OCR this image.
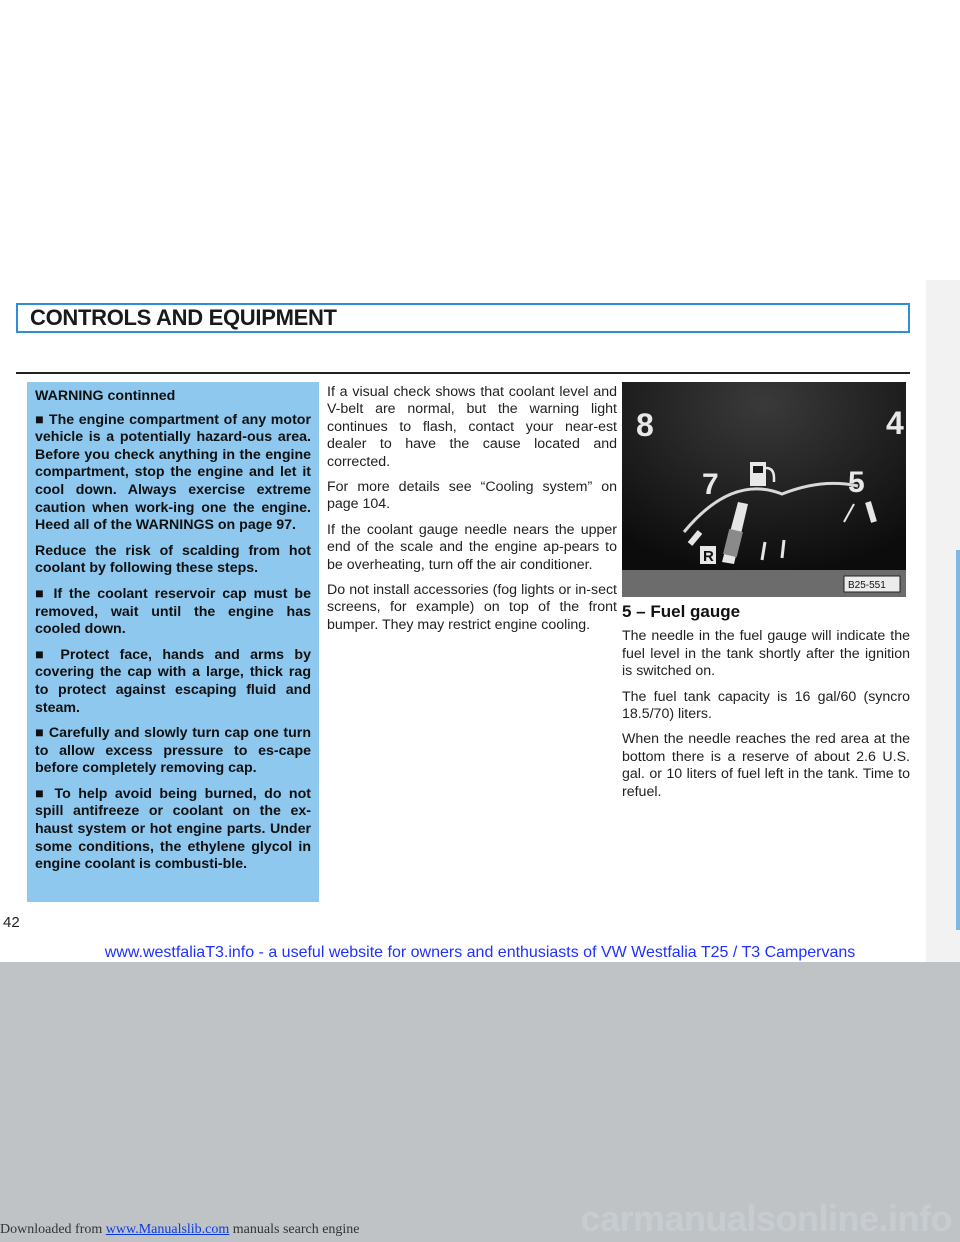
CONTROLS AND EQUIPMENT

WARNING continned

■ The engine compartment of any motor vehicle is a potentially hazard-ous area. Before you check anything in the engine compartment, stop the engine and let it cool down. Always exercise extreme caution when work-ing one the engine. Heed all of the WARNINGS on page 97.

Reduce the risk of scalding from hot coolant by following these steps.

■ If the coolant reservoir cap must be removed, wait until the engine has cooled down.

■ Protect face, hands and arms by covering the cap with a large, thick rag to protect against escaping fluid and steam.

■ Carefully and slowly turn cap one turn to allow excess pressure to es-cape before completely removing cap.

■ To help avoid being burned, do not spill antifreeze or coolant on the ex-haust system or hot engine parts. Under some conditions, the ethylene glycol in engine coolant is combusti-ble.

If a visual check shows that coolant level and V-belt are normal, but the warning light continues to flash, contact your near-est dealer to have the cause located and corrected.

For more details see “Cooling system” on page 104.

If the coolant gauge needle nears the upper end of the scale and the engine ap-pears to be overheating, turn off the air conditioner.

Do not install accessories (fog lights or in-sect screens, for example) on top of the front bumper. They may restrict engine cooling.

8	4
7	5
R
B25-551
5 – Fuel gauge

The needle in the fuel gauge will indicate the fuel level in the tank shortly after the ignition is switched on.

The fuel tank capacity is 16 gal/60 (syncro 18.5/70) liters.

When the needle reaches the red area at the bottom there is a reserve of about 2.6 U.S. gal. or 10 liters of fuel left in the tank. Time to refuel.

42
www.westfaliaT3.info - a useful website for owners and enthusiasts of VW Westfalia T25 / T3 Campervans
carmanualsonline.info
Downloaded from www.Manualslib.com manuals search engine
